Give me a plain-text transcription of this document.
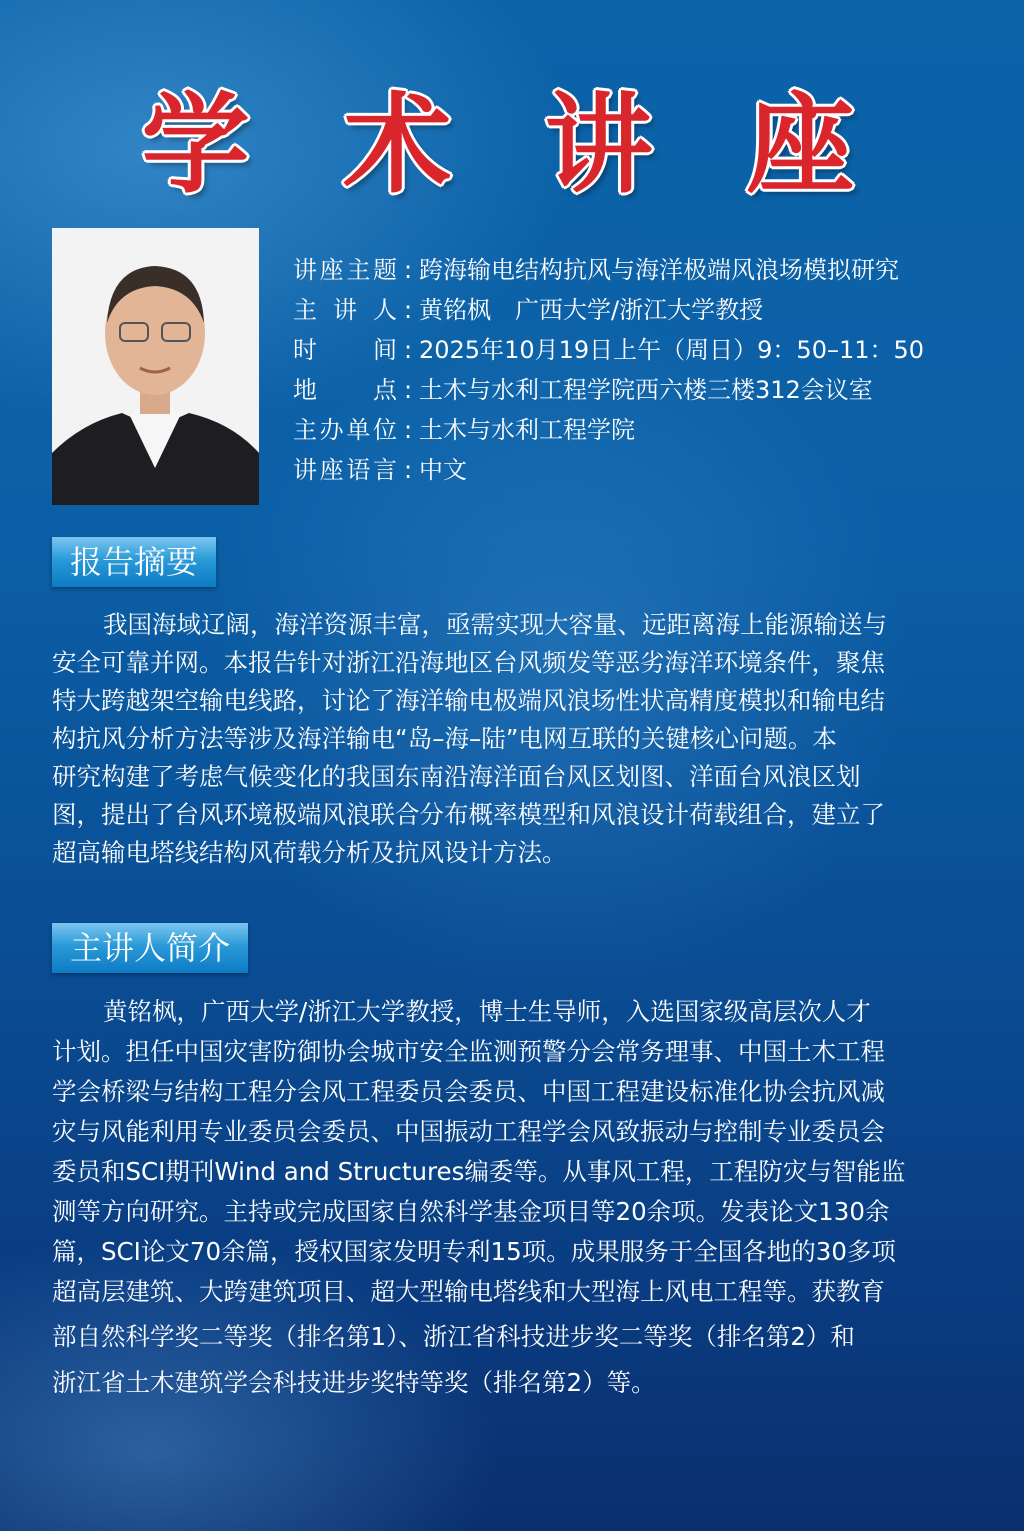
学 术 讲 座
讲座主题 : 跨海输电结构抗风与海洋极端风浪场模拟研究
主讲人 : 黄铭枫　广西大学/浙江大学教授
时间 : 2025年10月19日上午（周日）9：50–11：50
地点 : 土木与水利工程学院西六楼三楼312会议室
主办单位 : 土木与水利工程学院
讲座语言 : 中文
报告摘要
我国海域辽阔，海洋资源丰富，亟需实现大容量、远距离海上能源输送与
安全可靠并网。本报告针对浙江沿海地区台风频发等恶劣海洋环境条件，聚焦
特大跨越架空输电线路，讨论了海洋输电极端风浪场性状高精度模拟和输电结
构抗风分析方法等涉及海洋输电“岛–海–陆”电网互联的关键核心问题。本
研究构建了考虑气候变化的我国东南沿海洋面台风区划图、洋面台风浪区划
图，提出了台风环境极端风浪联合分布概率模型和风浪设计荷载组合，建立了
超高输电塔线结构风荷载分析及抗风设计方法。
主讲人简介
黄铭枫，广西大学/浙江大学教授，博士生导师，入选国家级高层次人才
计划。担任中国灾害防御协会城市安全监测预警分会常务理事、中国土木工程
学会桥梁与结构工程分会风工程委员会委员、中国工程建设标准化协会抗风减
灾与风能利用专业委员会委员、中国振动工程学会风致振动与控制专业委员会
委员和SCI期刊Wind and Structures编委等。从事风工程，工程防灾与智能监
测等方向研究。主持或完成国家自然科学基金项目等20余项。发表论文130余
篇，SCI论文70余篇，授权国家发明专利15项。成果服务于全国各地的30多项
超高层建筑、大跨建筑项目、超大型输电塔线和大型海上风电工程等。获教育
部自然科学奖二等奖（排名第1）、浙江省科技进步奖二等奖（排名第2）和
浙江省土木建筑学会科技进步奖特等奖（排名第2）等。
